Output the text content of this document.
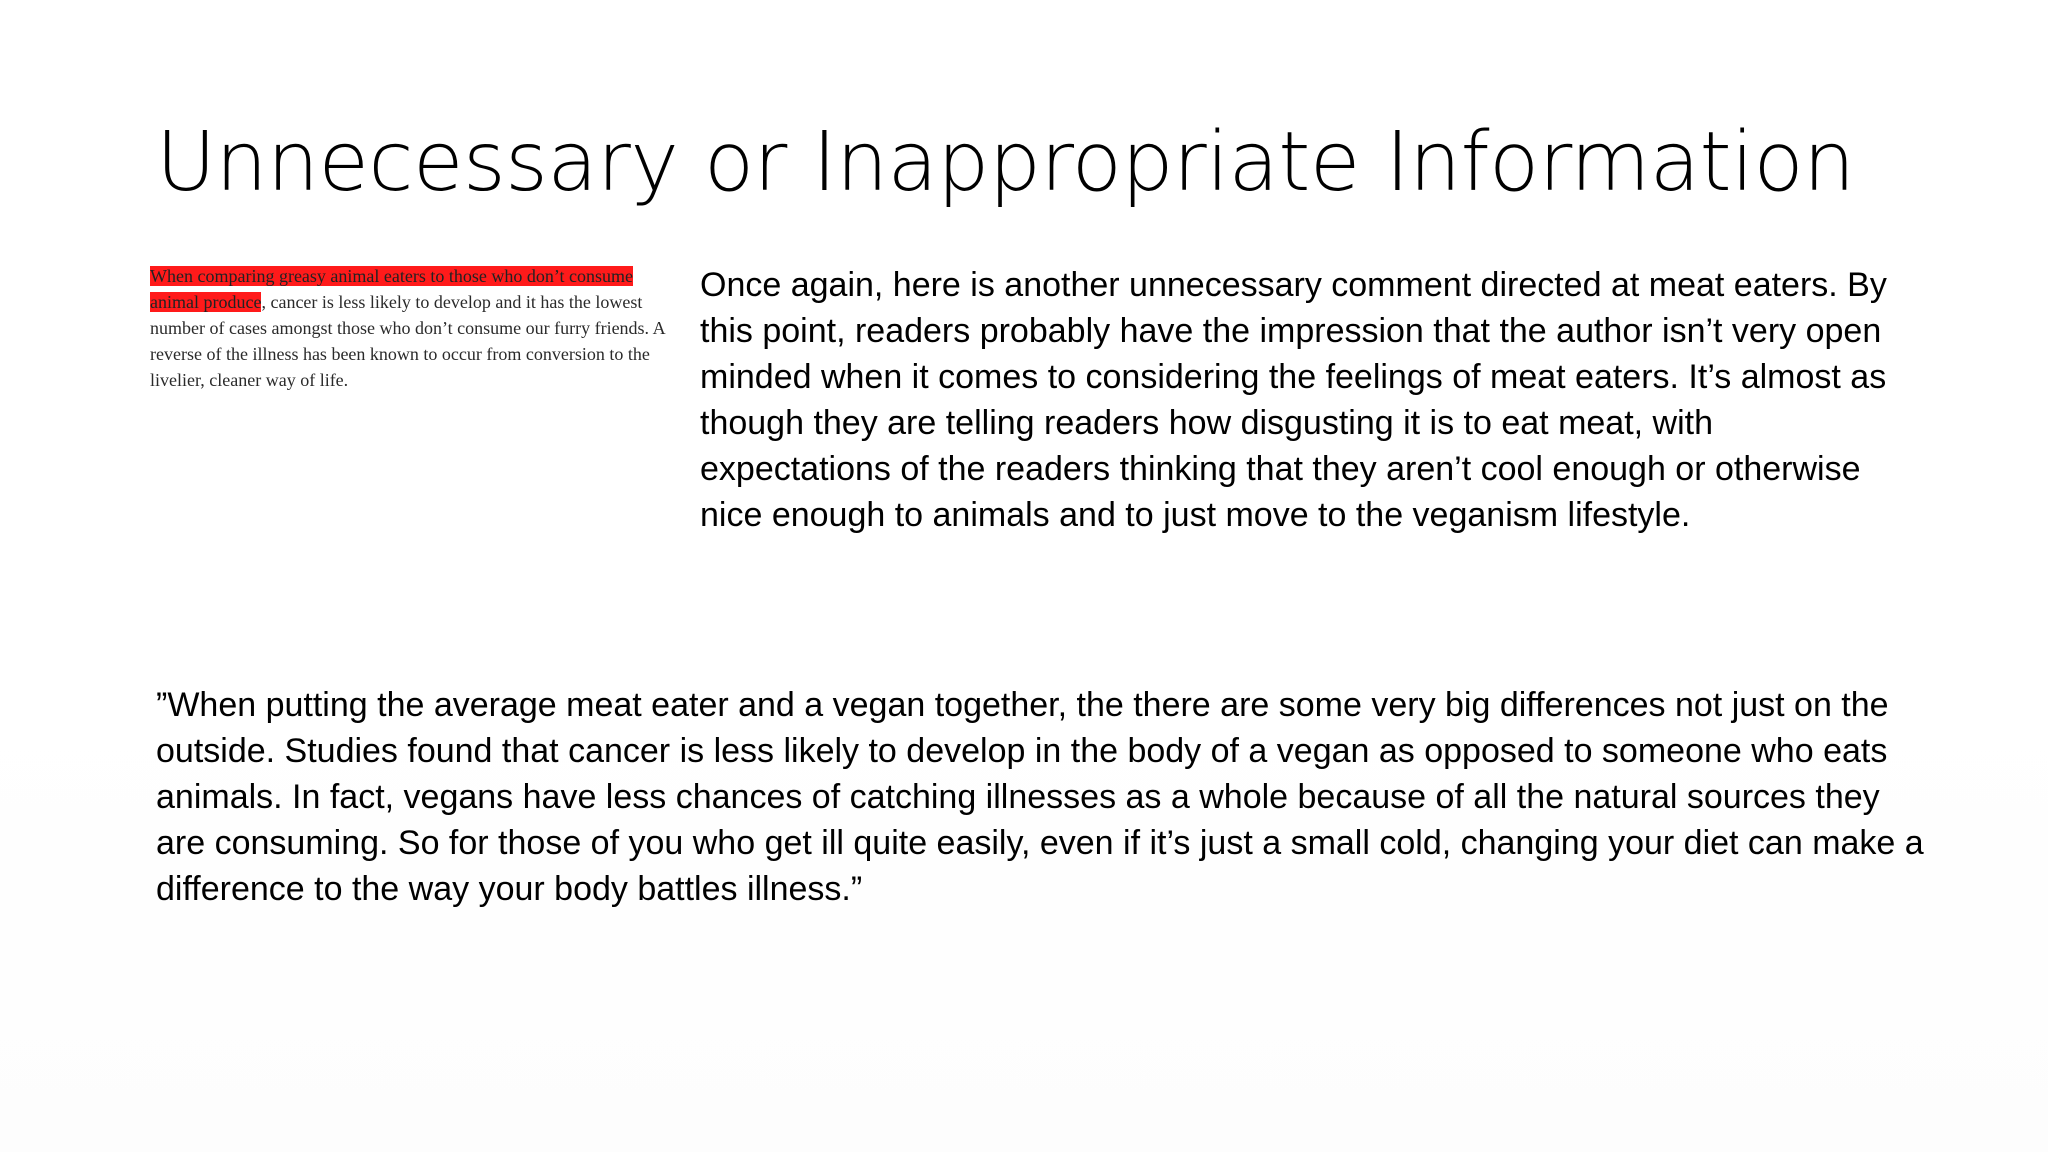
Unnecessary or Inappropriate Information

When comparing greasy animal eaters to those who don’t consume animal produce, cancer is less likely to develop and it has the lowest number of cases amongst those who don’t consume our furry friends. A reverse of the illness has been known to occur from conversion to the livelier, cleaner way of life.

Once again, here is another unnecessary comment directed at meat eaters. By this point, readers probably have the impression that the author isn’t very open minded when it comes to considering the feelings of meat eaters. It’s almost as though they are telling readers how disgusting it is to eat meat, with expectations of the readers thinking that they aren’t cool enough or otherwise nice enough to animals and to just move to the veganism lifestyle.

”When putting the average meat eater and a vegan together, the there are some very big differences not just on the outside. Studies found that cancer is less likely to develop in the body of a vegan as opposed to someone who eats animals. In fact, vegans have less chances of catching illnesses as a whole because of all the natural sources they are consuming. So for those of you who get ill quite easily, even if it’s just a small cold, changing your diet can make a difference to the way your body battles illness.”
